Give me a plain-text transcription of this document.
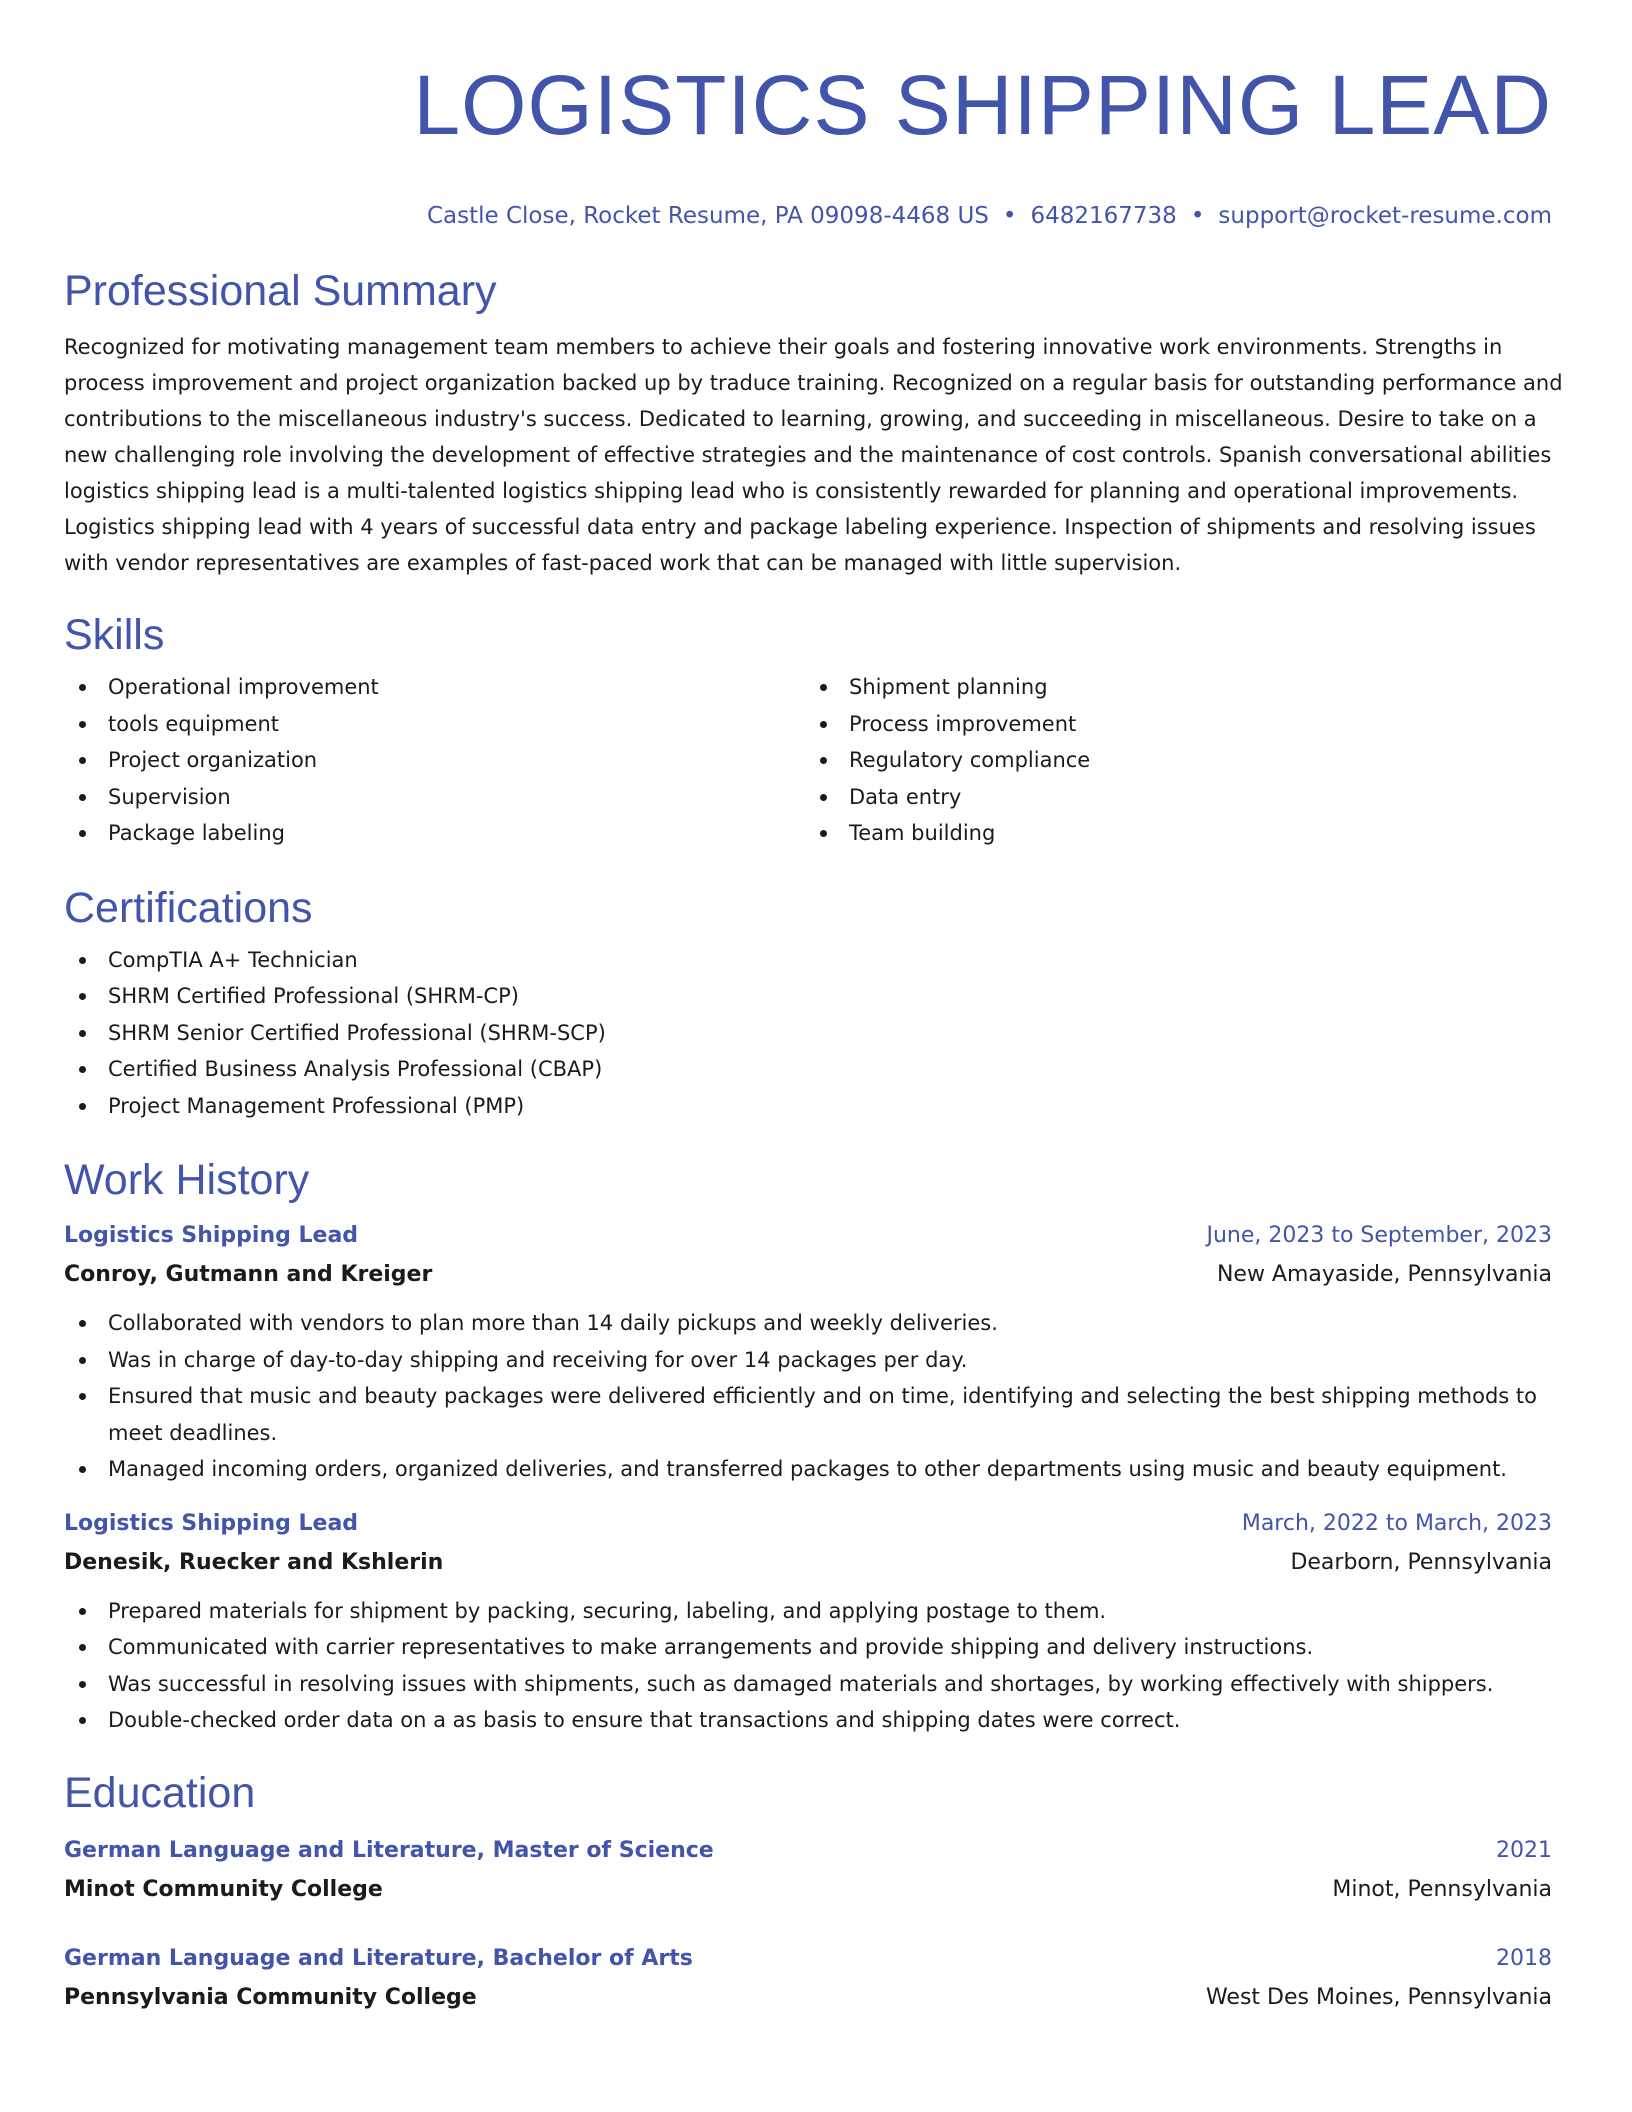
LOGISTICS SHIPPING LEAD
Castle Close, Rocket Resume, PA 09098-4468 US • 6482167738 • support@rocket-resume.com
Professional Summary
Recognized for motivating management team members to achieve their goals and fostering innovative work environments. Strengths in process improvement and project organization backed up by traduce training. Recognized on a regular basis for outstanding performance and contributions to the miscellaneous industry's success. Dedicated to learning, growing, and succeeding in miscellaneous. Desire to take on a new challenging role involving the development of effective strategies and the maintenance of cost controls. Spanish conversational abilities logistics shipping lead is a multi-talented logistics shipping lead who is consistently rewarded for planning and operational improvements. Logistics shipping lead with 4 years of successful data entry and package labeling experience. Inspection of shipments and resolving issues with vendor representatives are examples of fast-paced work that can be managed with little supervision.
Skills
Operational improvement
tools equipment
Project organization
Supervision
Package labeling
Shipment planning
Process improvement
Regulatory compliance
Data entry
Team building
Certifications
CompTIA A+ Technician
SHRM Certified Professional (SHRM-CP)
SHRM Senior Certified Professional (SHRM-SCP)
Certified Business Analysis Professional (CBAP)
Project Management Professional (PMP)
Work History
Logistics Shipping Lead	June, 2023 to September, 2023
Conroy, Gutmann and Kreiger	New Amayaside, Pennsylvania
Collaborated with vendors to plan more than 14 daily pickups and weekly deliveries.
Was in charge of day-to-day shipping and receiving for over 14 packages per day.
Ensured that music and beauty packages were delivered efficiently and on time, identifying and selecting the best shipping methods to meet deadlines.
Managed incoming orders, organized deliveries, and transferred packages to other departments using music and beauty equipment.
Logistics Shipping Lead	March, 2022 to March, 2023
Denesik, Ruecker and Kshlerin	Dearborn, Pennsylvania
Prepared materials for shipment by packing, securing, labeling, and applying postage to them.
Communicated with carrier representatives to make arrangements and provide shipping and delivery instructions.
Was successful in resolving issues with shipments, such as damaged materials and shortages, by working effectively with shippers.
Double-checked order data on a as basis to ensure that transactions and shipping dates were correct.
Education
German Language and Literature, Master of Science	2021
Minot Community College	Minot, Pennsylvania
German Language and Literature, Bachelor of Arts	2018
Pennsylvania Community College	West Des Moines, Pennsylvania
